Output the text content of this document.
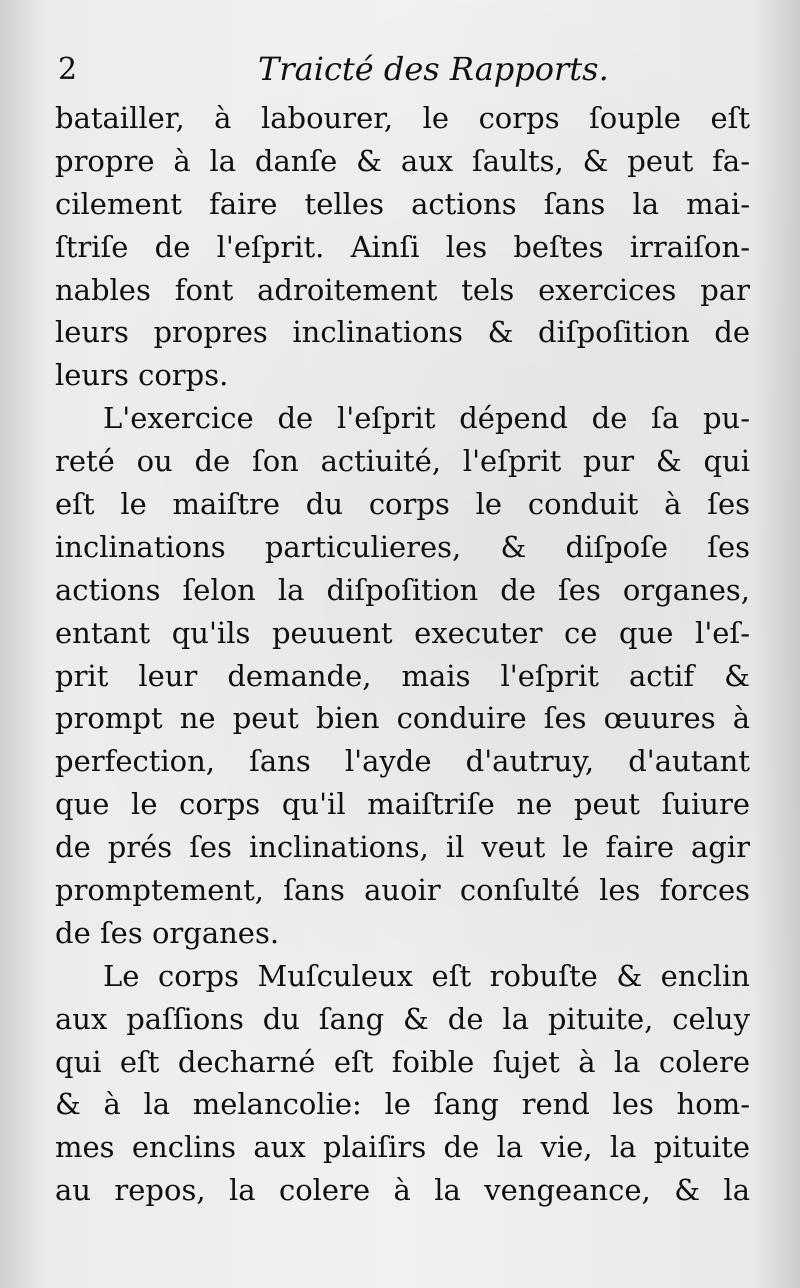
2	Traicté des Rapports.
batailler, à labourer, le corps ſouple eſt
propre à la danſe & aux ſaults, & peut fa-
cilement faire telles actions ſans la mai-
ſtriſe de l'eſprit. Ainſi les beſtes irraiſon-
nables font adroitement tels exercices par
leurs propres inclinations & diſpoſition de
leurs corps.
L'exercice de l'eſprit dépend de ſa pu-
reté ou de ſon actiuité, l'eſprit pur & qui
eſt le maiſtre du corps le conduit à ſes
inclinations particulieres, & diſpoſe ſes
actions ſelon la diſpoſition de ſes organes,
entant qu'ils peuuent executer ce que l'eſ-
prit leur demande, mais l'eſprit actif &
prompt ne peut bien conduire ſes œuures à
perfection, ſans l'ayde d'autruy, d'autant
que le corps qu'il maiſtriſe ne peut ſuiure
de prés ſes inclinations, il veut le faire agir
promptement, ſans auoir conſulté les forces
de ſes organes.
Le corps Muſculeux eſt robuſte & enclin
aux paſſions du ſang & de la pituite, celuy
qui eſt decharné eſt foible ſujet à la colere
& à la melancolie: le ſang rend les hom-
mes enclins aux plaiſirs de la vie, la pituite
au repos, la colere à la vengeance, & la
